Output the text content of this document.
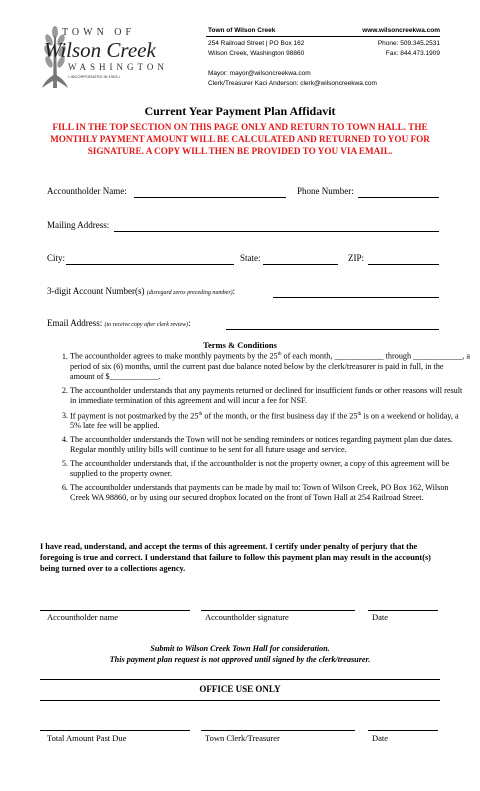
TOWN OF
Wilson Creek
WASHINGTON
• INCORPORATED IN 1903 •
Town of Wilson Creek	www.wilsoncreekwa.com
254 Railroad Street | PO Box 162	Phone: 509.345.2531
Wilson Creek, Washington 98860	Fax: 844.473.1909
Mayor: mayor@wilsoncreekwa.com
Clerk/Treasurer Kaci Anderson: clerk@wilsoncreekwa.com
Current Year Payment Plan Affidavit
FILL IN THE TOP SECTION ON THIS PAGE ONLY AND RETURN TO TOWN HALL. THE MONTHLY PAYMENT AMOUNT WILL BE CALCULATED AND RETURNED TO YOU FOR SIGNATURE. A COPY WILL THEN BE PROVIDED TO YOU VIA EMAIL.
Accountholder Name:	Phone Number:
Mailing Address:
City:	State:	ZIP:
3-digit Account Number(s) (disregard zeros preceding number):
Email Address: (to receive copy after clerk review):
Terms & Conditions
1. The accountholder agrees to make monthly payments by the 25th of each month, ____________ through ____________, a period of six (6) months, until the current past due balance noted below by the clerk/treasurer is paid in full, in the amount of $____________.
2. The accountholder understands that any payments returned or declined for insufficient funds or other reasons will result in immediate termination of this agreement and will incur a fee for NSF.
3. If payment is not postmarked by the 25th of the month, or the first business day if the 25th is on a weekend or holiday, a 5% late fee will be applied.
4. The accountholder understands the Town will not be sending reminders or notices regarding payment plan due dates. Regular monthly utility bills will continue to be sent for all future usage and service.
5. The accountholder understands that, if the accountholder is not the property owner, a copy of this agreement will be supplied to the property owner.
6. The accountholder understands that payments can be made by mail to: Town of Wilson Creek, PO Box 162, Wilson Creek WA 98860, or by using our secured dropbox located on the front of Town Hall at 254 Railroad Street.
I have read, understand, and accept the terms of this agreement. I certify under penalty of perjury that the foregoing is true and correct. I understand that failure to follow this payment plan may result in the account(s) being turned over to a collections agency.
Accountholder name	Accountholder signature	Date
Submit to Wilson Creek Town Hall for consideration.
This payment plan request is not approved until signed by the clerk/treasurer.
OFFICE USE ONLY
Total Amount Past Due	Town Clerk/Treasurer	Date
